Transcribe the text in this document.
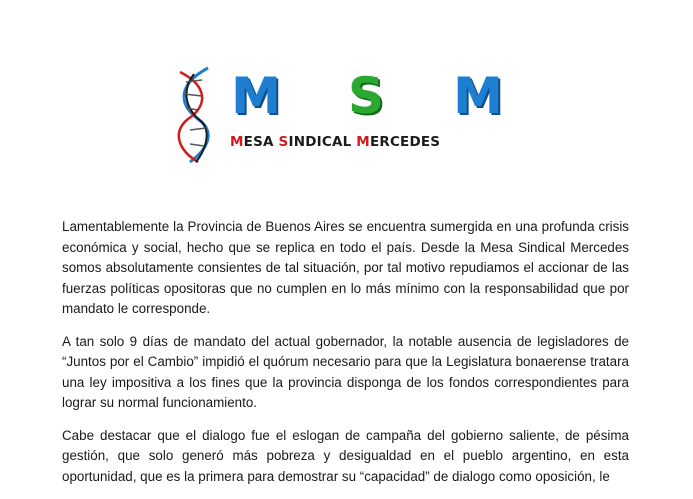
M S M
MESA SINDICAL MERCEDES

Lamentablemente la Provincia de Buenos Aires se encuentra sumergida en una profunda crisis económica y social, hecho que se replica en todo el país. Desde la Mesa Sindical Mercedes somos absolutamente consientes de tal situación, por tal motivo repudiamos el accionar de las fuerzas políticas opositoras que no cumplen en lo más mínimo con la responsabilidad que por mandato le corresponde.

A tan solo 9 días de mandato del actual gobernador, la notable ausencia de legisladores de “Juntos por el Cambio” impidió el quórum necesario para que la Legislatura bonaerense tratara una ley impositiva a los fines que la provincia disponga de los fondos correspondientes para lograr su normal funcionamiento.

Cabe destacar que el dialogo fue el eslogan de campaña del gobierno saliente, de pésima gestión, que solo generó más pobreza y desigualdad en el pueblo argentino, en esta oportunidad, que es la primera para demostrar su “capacidad” de dialogo como oposición, le
